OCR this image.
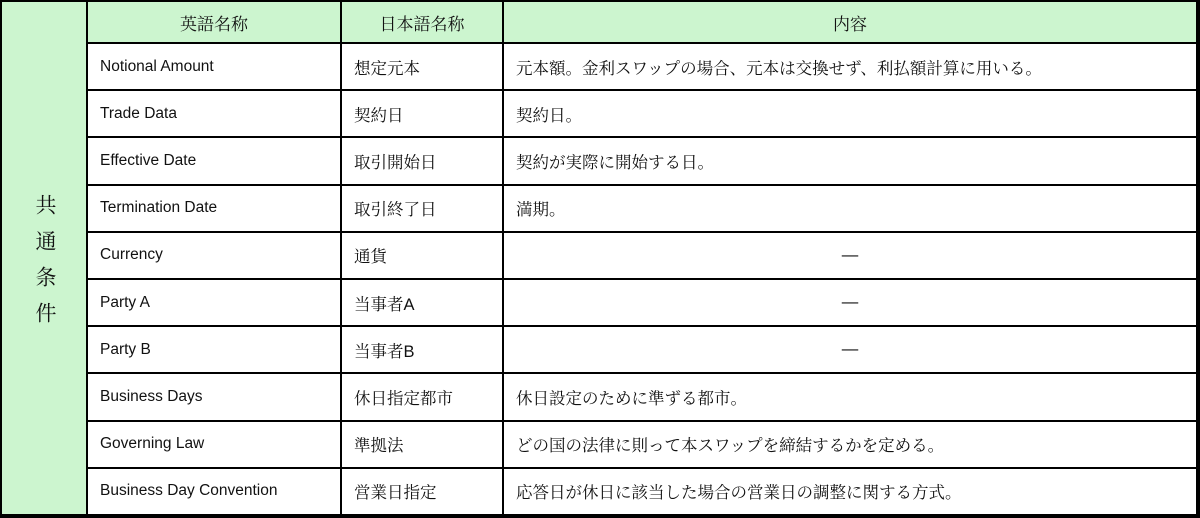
共通条件
英語名称	日本語名称	内容
Notional Amount	想定元本	元本額。金利スワップの場合、元本は交換せず、利払額計算に用いる。
Trade Data	契約日	契約日。
Effective Date	取引開始日	契約が実際に開始する日。
Termination Date	取引終了日	満期。
Currency	通貨	―
Party A	当事者A	―
Party B	当事者B	―
Business Days	休日指定都市	休日設定のために準ずる都市。
Governing Law	準拠法	どの国の法律に則って本スワップを締結するかを定める。
Business Day Convention	営業日指定	応答日が休日に該当した場合の営業日の調整に関する方式。
